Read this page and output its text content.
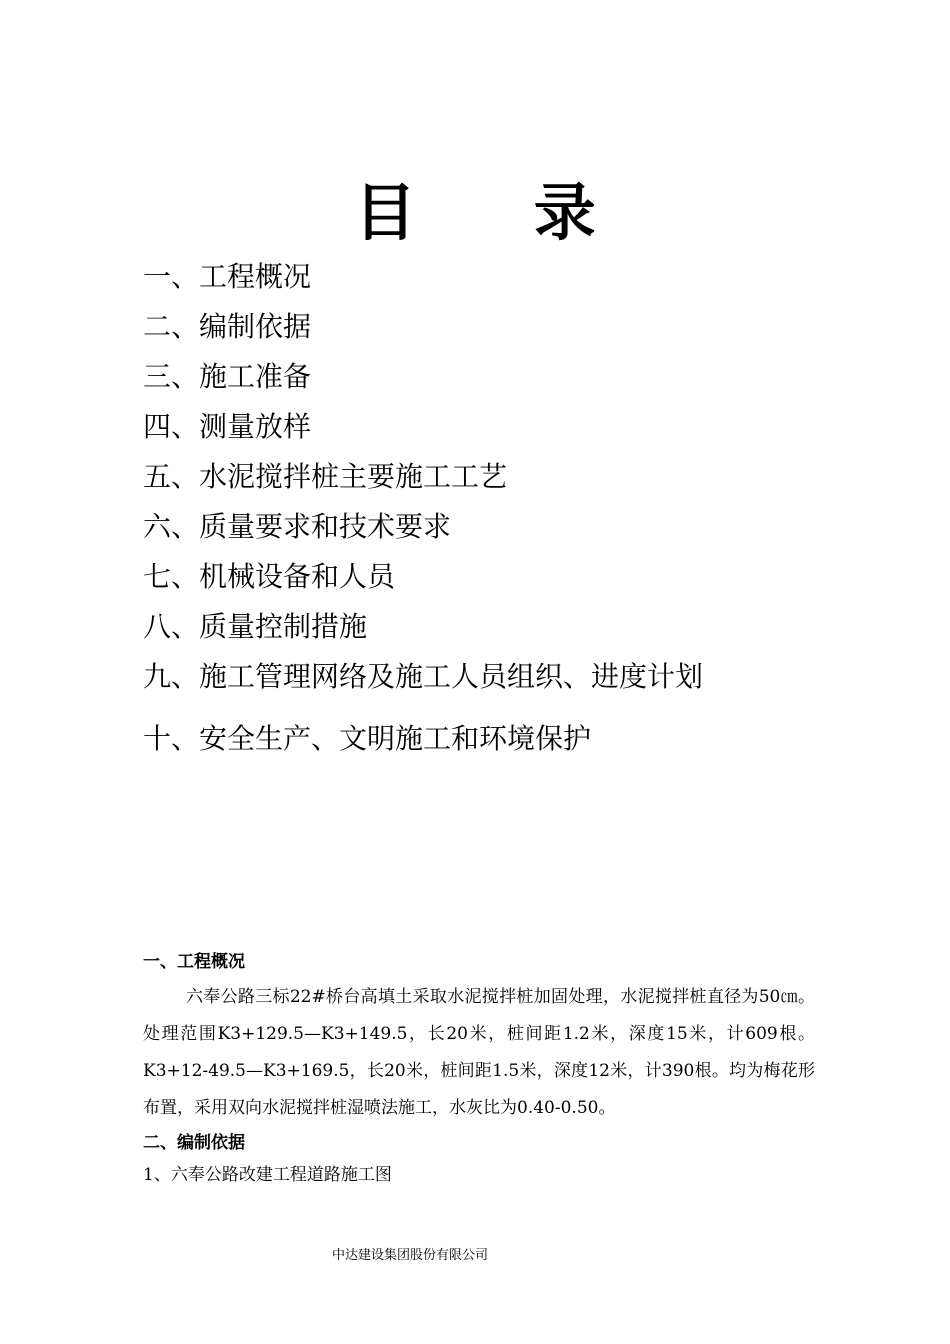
目 录
一、工程概况
二、编制依据
三、施工准备
四、测量放样
五、水泥搅拌桩主要施工工艺
六、质量要求和技术要求
七、机械设备和人员
八、质量控制措施
九、施工管理网络及施工人员组织、进度计划
十、安全生产、文明施工和环境保护
一、工程概况
六奉公路三标22#桥台高填土采取水泥搅拌桩加固处理，水泥搅拌桩直径为50㎝。处理范围K3+129.5—K3+149.5，长20米，桩间距1.2米，深度15米，计609根。K3+12-49.5—K3+169.5，长20米，桩间距1.5米，深度12米，计390根。均为梅花形布置，采用双向水泥搅拌桩湿喷法施工，水灰比为0.40-0.50。
二、编制依据
1、六奉公路改建工程道路施工图
中达建设集团股份有限公司
